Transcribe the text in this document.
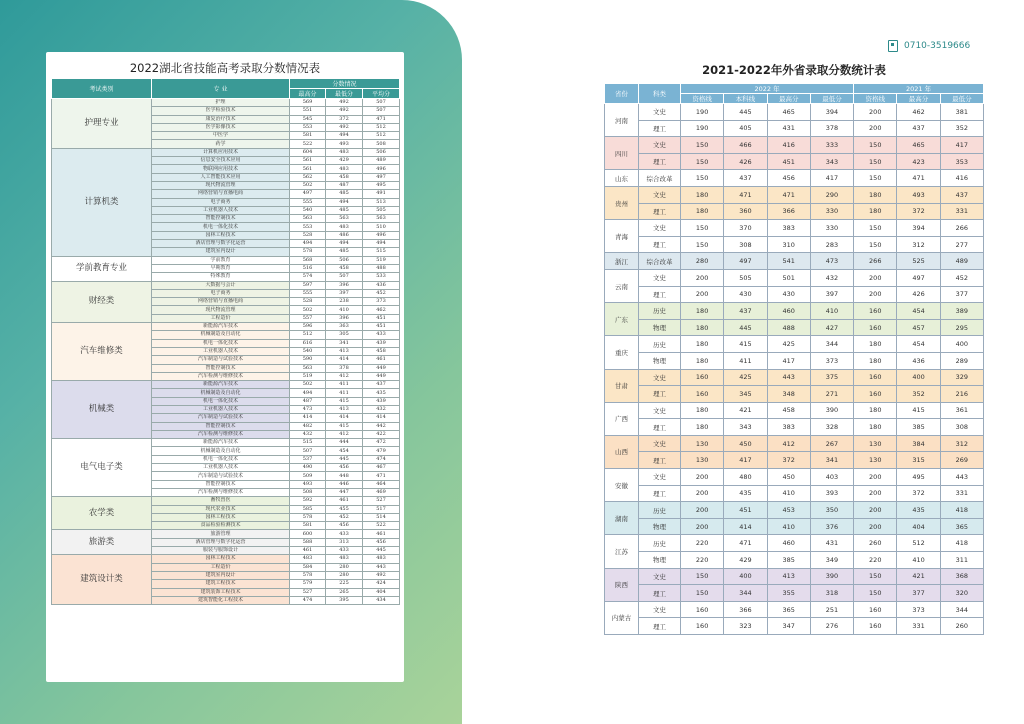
2022湖北省技能高考录取分数情况表
考试类别	专 业	分数情况		
		最高分	最低分	平均分
护理专业	护理	569	492	507
	医学检验技术	551	492	507
	康复治疗技术	545	372	471
	医学影像技术	553	492	512
	中医学	581	494	512
	药学	522	493	508
计算机类	计算机应用技术	604	483	506
	信息安全技术应用	561	429	489
	物联网应用技术	561	483	496
	人工智能技术应用	562	458	497
	现代物流管理	502	487	495
	网络营销与直播电商	497	485	491
	电子商务	555	494	513
	工业机器人技术	540	485	505
	智能控制技术	563	563	563
	机电一体化技术	553	483	510
	园林工程技术	528	486	496
	酒店管理与数字化运营	494	494	494
	建筑室内设计	578	485	515
学前教育专业	学前教育	568	506	519
	早期教育	516	458	488
	特殊教育	574	507	533
财经类	大数据与会计	597	396	436
	电子商务	555	397	452
	网络营销与直播电商	528	238	373
	现代物流管理	502	410	462
	工程造价	557	396	451
汽车维修类	新能源汽车技术	596	363	451
	机械制造及自动化	512	305	433
	机电一体化技术	616	341	439
	工业机器人技术	540	413	458
	汽车制造与试验技术	590	414	461
	智能控制技术	563	378	449
	汽车检测与维修技术	519	412	449
机械类	新能源汽车技术	502	411	437
	机械制造及自动化	494	411	435
	机电一体化技术	487	415	439
	工业机器人技术	473	413	432
	汽车制造与试验技术	414	414	414
	智能控制技术	482	415	442
	汽车检测与维修技术	432	412	422
电气电子类	新能源汽车技术	515	444	472
	机械制造及自动化	507	454	479
	机电一体化技术	537	445	474
	工业机器人技术	490	456	467
	汽车制造与试验技术	509	448	471
	智能控制技术	493	446	464
	汽车检测与维修技术	508	447	469
农学类	畜牧兽医	592	461	527
	现代农业技术	585	455	517
	园林工程技术	578	452	514
	食品检验检测技术	581	456	522
旅游类	旅游管理	600	433	461
	酒店管理与数字化运营	588	313	456
	服装与服饰设计	461	433	445
建筑设计类	园林工程技术	483	483	483
	工程造价	584	280	443
	建筑室内设计	578	280	492
	建筑工程技术	579	225	424
	建筑装饰工程技术	527	265	404
	建筑智能化工程技术	474	395	434
0710-3519666
2021-2022年外省录取分数统计表
省份	科类	2022 年				2021 年		
		资格线	本科线	最高分	最低分	资格线	最高分	最低分
河南	文史	190	445	465	394	200	462	381
	理工	190	405	431	378	200	437	352
四川	文史	150	466	416	333	150	465	417
	理工	150	426	451	343	150	423	353
山东	综合改革	150	437	456	417	150	471	416
贵州	文史	180	471	471	290	180	493	437
	理工	180	360	366	330	180	372	331
青海	文史	150	370	383	330	150	394	266
	理工	150	308	310	283	150	312	277
浙江	综合改革	280	497	541	473	266	525	489
云南	文史	200	505	501	432	200	497	452
	理工	200	430	430	397	200	426	377
广东	历史	180	437	460	410	160	454	389
	物理	180	445	488	427	160	457	295
重庆	历史	180	415	425	344	180	454	400
	物理	180	411	417	373	180	436	289
甘肃	文史	160	425	443	375	160	400	329
	理工	160	345	348	271	160	352	216
广西	文史	180	421	458	390	180	415	361
	理工	180	343	383	328	180	385	308
山西	文史	130	450	412	267	130	384	312
	理工	130	417	372	341	130	315	269
安徽	文史	200	480	450	403	200	495	443
	理工	200	435	410	393	200	372	331
湖南	历史	200	451	453	350	200	435	418
	物理	200	414	410	376	200	404	365
江苏	历史	220	471	460	431	260	512	418
	物理	220	429	385	349	220	410	311
陕西	文史	150	400	413	390	150	421	368
	理工	150	344	355	318	150	377	320
内蒙古	文史	160	366	365	251	160	373	344
	理工	160	323	347	276	160	331	260
